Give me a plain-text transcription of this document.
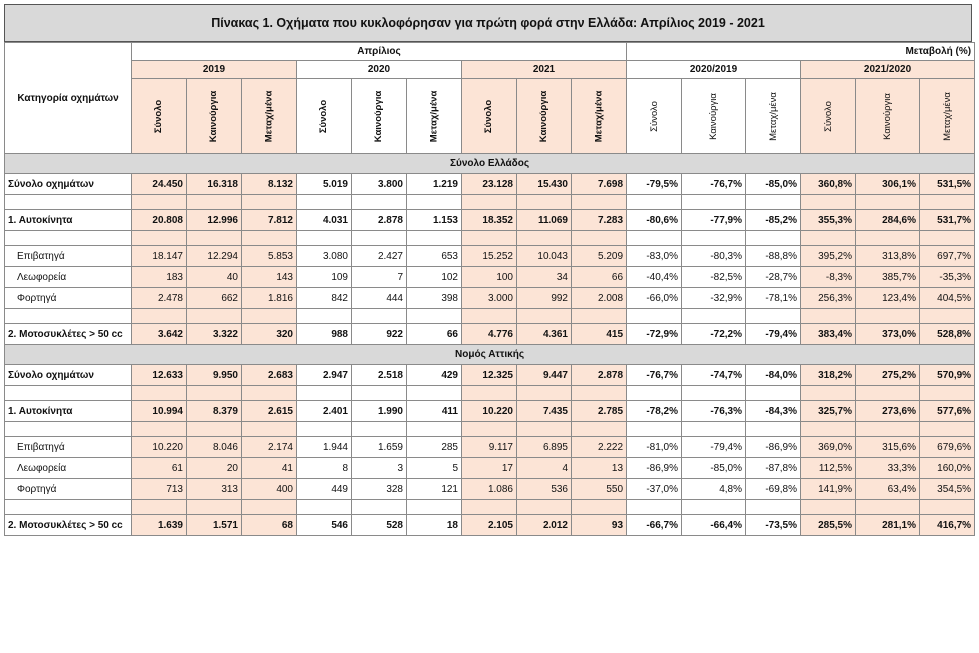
Πίνακας 1. Οχήματα που κυκλοφόρησαν για πρώτη φορά στην Ελλάδα: Απρίλιος 2019 - 2021
Κατηγορία οχημάτων	Απρίλιος									Μεταβολή (%)					
	2019			2020			2021			2020/2019			2021/2020		
	Σύνολο	Καινούργια	Μεταχ/μένα	Σύνολο	Καινούργια	Μεταχ/μένα	Σύνολο	Καινούργια	Μεταχ/μένα	Σύνολο	Καινούργια	Μεταχ/μένα	Σύνολο	Καινούργια	Μεταχ/μένα
Σύνολο Ελλάδος															
Σύνολο οχημάτων	24.450	16.318	8.132	5.019	3.800	1.219	23.128	15.430	7.698	-79,5%	-76,7%	-85,0%	360,8%	306,1%	531,5%

1. Αυτοκίνητα	20.808	12.996	7.812	4.031	2.878	1.153	18.352	11.069	7.283	-80,6%	-77,9%	-85,2%	355,3%	284,6%	531,7%

Επιβατηγά	18.147	12.294	5.853	3.080	2.427	653	15.252	10.043	5.209	-83,0%	-80,3%	-88,8%	395,2%	313,8%	697,7%
Λεωφορεία	183	40	143	109	7	102	100	34	66	-40,4%	-82,5%	-28,7%	-8,3%	385,7%	-35,3%
Φορτηγά	2.478	662	1.816	842	444	398	3.000	992	2.008	-66,0%	-32,9%	-78,1%	256,3%	123,4%	404,5%

2. Μοτοσυκλέτες > 50 cc	3.642	3.322	320	988	922	66	4.776	4.361	415	-72,9%	-72,2%	-79,4%	383,4%	373,0%	528,8%
Νομός Αττικής															
Σύνολο οχημάτων	12.633	9.950	2.683	2.947	2.518	429	12.325	9.447	2.878	-76,7%	-74,7%	-84,0%	318,2%	275,2%	570,9%

1. Αυτοκίνητα	10.994	8.379	2.615	2.401	1.990	411	10.220	7.435	2.785	-78,2%	-76,3%	-84,3%	325,7%	273,6%	577,6%

Επιβατηγά	10.220	8.046	2.174	1.944	1.659	285	9.117	6.895	2.222	-81,0%	-79,4%	-86,9%	369,0%	315,6%	679,6%
Λεωφορεία	61	20	41	8	3	5	17	4	13	-86,9%	-85,0%	-87,8%	112,5%	33,3%	160,0%
Φορτηγά	713	313	400	449	328	121	1.086	536	550	-37,0%	4,8%	-69,8%	141,9%	63,4%	354,5%

2. Μοτοσυκλέτες > 50 cc	1.639	1.571	68	546	528	18	2.105	2.012	93	-66,7%	-66,4%	-73,5%	285,5%	281,1%	416,7%
